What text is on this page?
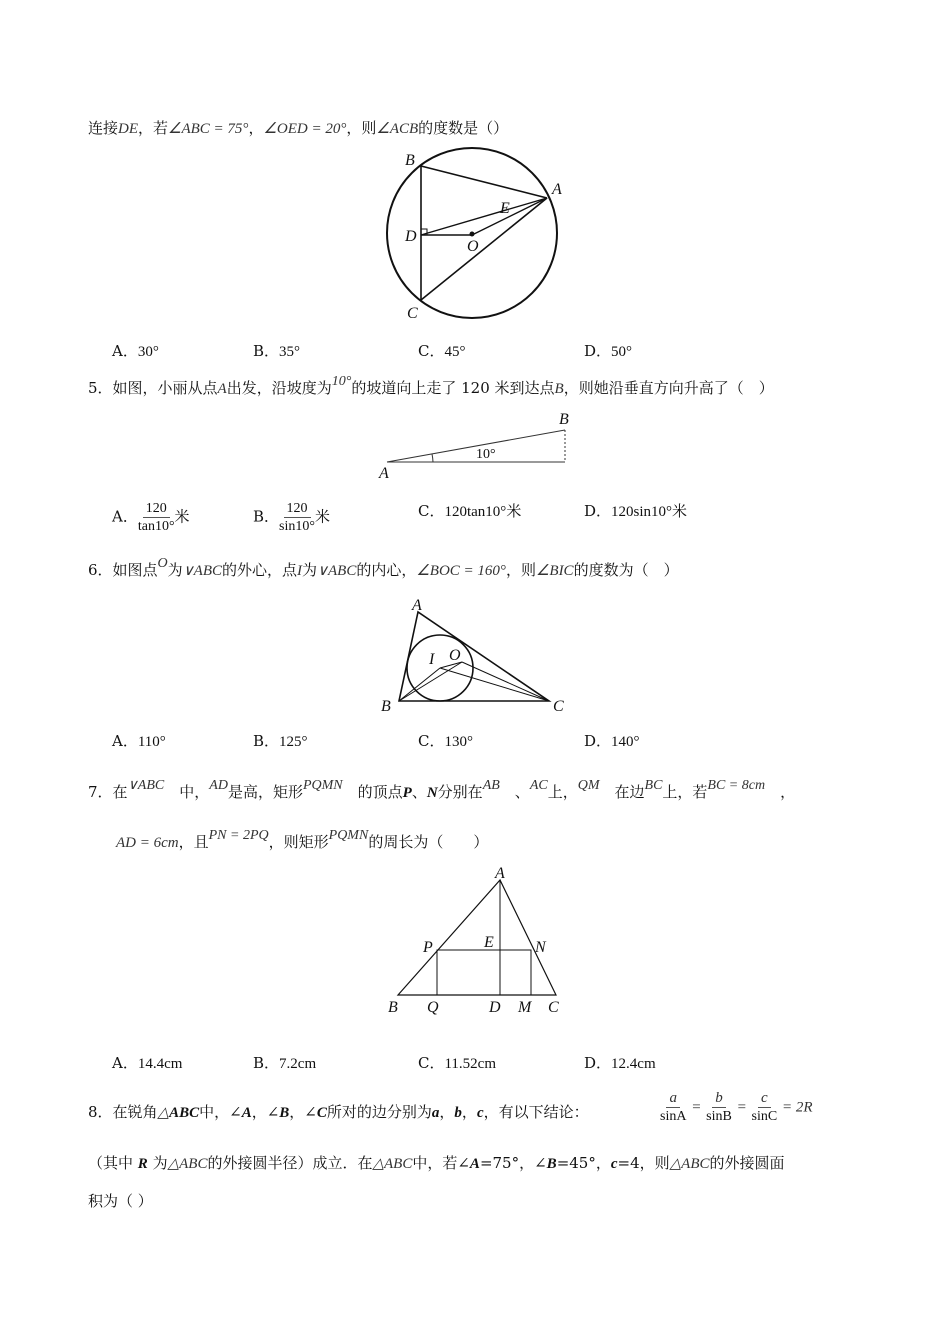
连接DE，若∠ABC = 75°，∠OED = 20°，则∠ACB的度数是（）
B
A
E
D
O
C
5．如图，小丽从点A出发，沿坡度为10°的坡道向上走了 120 米到达点B，则她沿垂直方向升高了（　）
B
A
10°
6．如图点O为∨ABC的外心，点I为∨ABC的内心，∠BOC = 160°，则∠BIC的度数为（　）
A
B	C
I O
7．在∨ABC　中，AD是高，矩形PQMN　的顶点P、N分别在AB　、AC上，QM　在边BC上，若BC = 8cm　，
AD = 6cm，且PN = 2PQ，则矩形PQMN的周长为（　　）
A
P	E	N
B Q	D M C
8．在锐角△ABC中，∠A，∠B，∠C所对的边分别为a，b，c，有以下结论：	$\frac{a}{\sin A} = \frac{b}{\sin B} = \frac{c}{\sin C} = 2R$
（其中 R 为△ABC的外接圆半径）成立．在△ABC中，若∠A=75°，∠B=45°，c=4，则△ABC的外接圆面
积为（ ）
A．30°	B．35°	C．45°	D．50°
A． $\frac{120}{\tan 10^\circ}$ 米	B． $\frac{120}{\sin 10^\circ}$ 米	C．120tan10°米	D．120sin10°米
A．110°	B．125°	C．130°	D．140°
A．14.4cm	B．7.2cm	C．11.52cm	D．12.4cm
